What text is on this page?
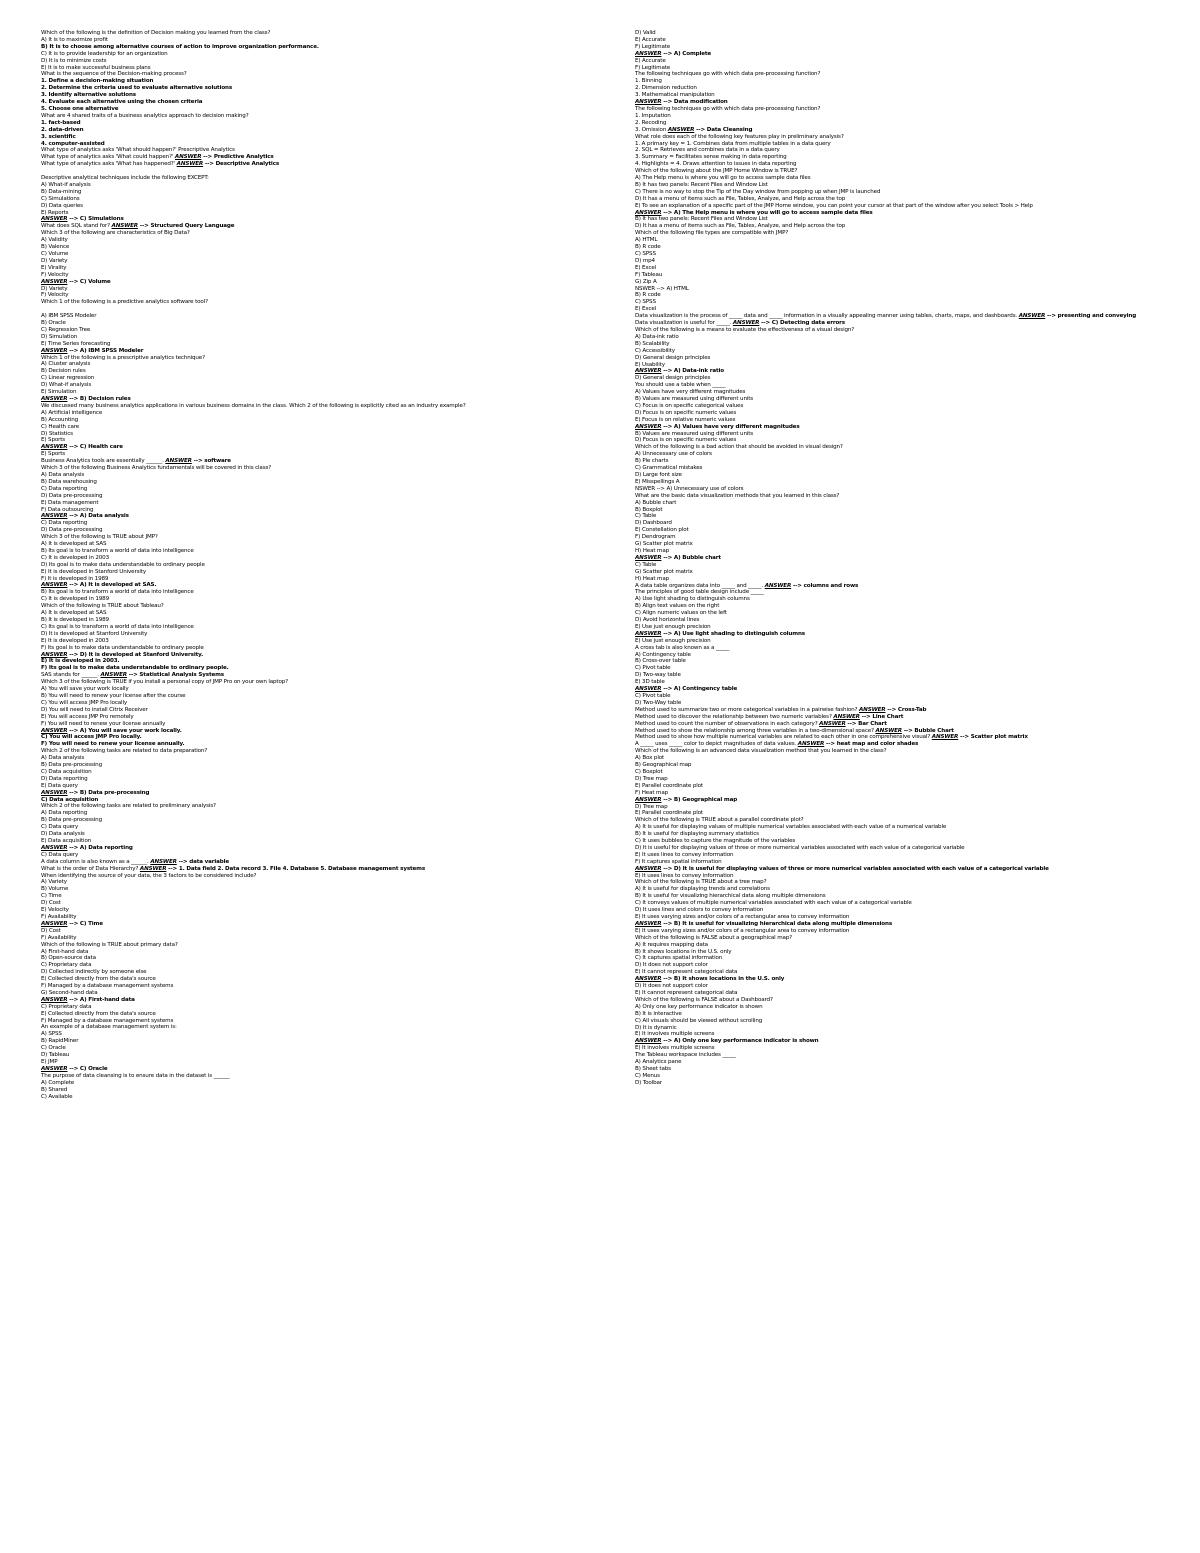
Which of the following is the definition of Decision making you learned from the class?
A) It is to maximize profit
B) It is to choose among alternative courses of action to improve organization performance.
C) It is to provide leadership for an organization
D) It is to minimize costs
E) It is to make successful business plans
What is the sequence of the Decision-making process?
1. Define a decision-making situation
2. Determine the criteria used to evaluate alternative solutions
3. Identify alternative solutions
4. Evaluate each alternative using the chosen criteria
5. Choose one alternative
What are 4 shared traits of a business analytics approach to decision making?
1. fact-based
2. data-driven
3. scientific
4. computer-assisted
What type of analytics asks 'What should happen?' Prescriptive Analytics
What type of analytics asks 'What could happen?' ANSWER --> Predictive Analytics
What type of analytics asks 'What has happened?' ANSWER --> Descriptive Analytics
Descriptive analytical techniques include the following EXCEPT:
A) What-if analysis
B) Data-mining
C) Simulations
D) Data queries
E) Reports
ANSWER --> C) Simulations
What does SQL stand for? ANSWER --> Structured Query Language
Which 3 of the following are characteristics of Big Data?
A) Validity
B) Valence
C) Volume
D) Variety
E) Virality
F) Velocity
ANSWER --> C) Volume
D) Variety
F) Velocity
Which 1 of the following is a predictive analytics software tool?
A) IBM SPSS Modeler
B) Oracle
C) Regression Tree
D) Simulation
E) Time Series forecasting
ANSWER --> A) IBM SPSS Modeler
Which 1 of the following is a prescriptive analytics technique?
A) Cluster analysis
B) Decision rules
C) Linear regression
D) What-if analysis
E) Simulation
ANSWER --> B) Decision rules
We discussed many business analytics applications in various business domains in the class. Which 2 of the following is explicitly cited as an industry example?
A) Artificial intelligence
B) Accounting
C) Health care
D) Statistics
E) Sports
ANSWER --> C) Health care
E) Sports
Business Analytics tools are essentially ______. ANSWER --> software
Which 3 of the following Business Analytics fundamentals will be covered in this class?
A) Data analysis
B) Data warehousing
C) Data reporting
D) Data pre-processing
E) Data management
F) Data outsourcing
ANSWER --> A) Data analysis
C) Data reporting
D) Data pre-processing
Which 3 of the following is TRUE about JMP?
A) It is developed at SAS
B) Its goal is to transform a world of data into intelligence
C) It is developed in 2003
D) Its goal is to make data understandable to ordinary people
E) It is developed in Stanford University
F) It is developed in 1989
ANSWER --> A) It is developed at SAS.
B) Its goal is to transform a world of data into intelligence
C) It is developed in 1989
Which of the following is TRUE about Tableau?
A) It is developed at SAS
B) It is developed in 1989
C) Its goal is to transform a world of data into intelligence
D) It is developed at Stanford University
E) It is developed in 2003
F) Its goal is to make data understandable to ordinary people
ANSWER --> D) It is developed at Stanford University.
E) It is developed in 2003.
F) Its goal is to make data understandable to ordinary people.
SAS stands for ______. ANSWER --> Statistical Analysis Systems
Which 3 of the following is TRUE if you install a personal copy of JMP Pro on your own laptop?
A) You will save your work locally
B) You will need to renew your license after the course
C) You will access JMP Pro locally
D) You will need to install Citrix Receiver
E) You will access JMP Pro remotely
F) You will need to renew your license annually
ANSWER --> A) You will save your work locally.
C) You will access JMP Pro locally.
F) You will need to renew your license annually.
Which 2 of the following tasks are related to data preparation?
A) Data analysis
B) Data pre-processing
C) Data acquisition
D) Data reporting
E) Data query
ANSWER --> B) Data pre-processing
C) Data acquisition
Which 2 of the following tasks are related to preliminary analysis?
A) Data reporting
B) Data pre-processing
C) Data query
D) Data analysis
E) Data acquisition
ANSWER --> A) Data reporting
C) Data query
A data column is also known as a ______. ANSWER --> data variable
What is the order of Data Hierarchy? ANSWER --> 1. Data field 2. Data record 3. File 4. Database 5. Database management systems
When identifying the source of your data, the 3 factors to be considered include?
A) Variety
B) Volume
C) Time
D) Cost
E) Velocity
F) Availability
ANSWER --> C) Time
D) Cost
F) Availability
Which of the following is TRUE about primary data?
A) First-hand data
B) Open-source data
C) Proprietary data
D) Collected indirectly by someone else
E) Collected directly from the data's source
F) Managed by a database management systems
G) Second-hand data
ANSWER --> A) First-hand data
C) Proprietary data
E) Collected directly from the data's source
F) Managed by a database management systems
An example of a database management system is:
A) SPSS
B) RapidMiner
C) Oracle
D) Tableau
E) JMP
ANSWER --> C) Oracle
The purpose of data cleansing is to ensure data in the dataset is ______
A) Complete
B) Shared
C) Available
D) Valid
E) Accurate
F) Legitimate
ANSWER --> A) Complete
E) Accurate
F) Legitimate
The following techniques go with which data pre-processing function?
1. Binning
2. Dimension reduction
3. Mathematical manipulation
ANSWER --> Data modification
The following techniques go with which data pre-processing function?
1. Imputation
2. Recoding
3. Omission ANSWER --> Data Cleansing
What role does each of the following key features play in preliminary analysis?
1. A primary key = 1. Combines data from multiple tables in a data query
2. SQL = Retrieves and combines data in a data query
3. Summary = Facilitates sense making in data reporting
4. Highlights = 4. Draws attention to issues in data reporting
Which of the following about the JMP Home Window is TRUE?
A) The Help menu is where you will go to access sample data files
B) It has two panels: Recent Files and Window List
C) There is no way to stop the Tip of the Day window from popping up when JMP is launched
D) It has a menu of items such as File, Tables, Analyze, and Help across the top
E) To see an explanation of a specific part of the JMP Home window, you can point your cursor at that part of the window after you select Tools > Help
ANSWER --> A) The Help menu is where you will go to access sample data files
B) It has two panels: Recent Files and Window List
D) It has a menu of items such as File, Tables, Analyze, and Help across the top
Which of the following file types are compatible with JMP?
A) HTML
B) R code
C) SPSS
D) mp4
E) Excel
F) Tableau
G) Zip A
NSWER --> A) HTML
B) R code
C) SPSS
E) Excel
Data visualization is the process of _____ data and _____ information in a visually appealing manner using tables, charts, maps, and dashboards. ANSWER --> presenting and conveying
Data visualization is useful for _____. ANSWER --> C) Detecting data errors
Which of the following is a means to evaluate the effectiveness of a visual design?
A) Data-ink ratio
B) Scalability
C) Accessibility
D) General design principles
E) Usability
ANSWER --> A) Data-ink ratio
D) General design principles
You should use a table when _____
A) Values have very different magnitudes
B) Values are measured using different units
C) Focus is on specific categorical values
D) Focus is on specific numeric values
E) Focus is on relative numeric values
ANSWER --> A) Values have very different magnitudes
B) Values are measured using different units
D) Focus is on specific numeric values
Which of the following is a bad action that should be avoided in visual design?
A) Unnecessary use of colors
B) Pie charts
C) Grammatical mistakes
D) Large font size
E) Misspellings A
NSWER --> A) Unnecessary use of colors
What are the basic data visualization methods that you learned in this class?
A) Bubble chart
B) Boxplot
C) Table
D) Dashboard
E) Constellation plot
F) Dendrogram
G) Scatter plot matrix
H) Heat map
ANSWER --> A) Bubble chart
C) Table
G) Scatter plot matrix
H) Heat map
A data table organizes data into _____ and _____. ANSWER --> columns and rows
The principles of good table design include _____
A) Use light shading to distinguish columns
B) Align text values on the right
C) Align numeric values on the left
D) Avoid horizontal lines
E) Use just enough precision
ANSWER --> A) Use light shading to distinguish columns
E) Use just enough precision
A cross tab is also known as a _____
A) Contingency table
B) Cross-over table
C) Pivot table
D) Two-way table
E) 3D table
ANSWER --> A) Contingency table
C) Pivot table
D) Two-Way table
Method used to summarize two or more categorical variables in a pairwise fashion? ANSWER --> Cross-Tab
Method used to discover the relationship between two numeric variables? ANSWER --> Line Chart
Method used to count the number of observations in each category? ANSWER --> Bar Chart
Method used to show the relationship among three variables in a two-dimensional space? ANSWER --> Bubble Chart
Method used to show how multiple numerical variables are related to each other in one comprehensive visual? ANSWER --> Scatter plot matrix
A _____ uses _____ color to depict magnitudes of data values. ANSWER --> heat map and color shades
Which of the following is an advanced data visualization method that you learned in the class?
A) Box plot
B) Geographical map
C) Boxplot
D) Tree map
E) Parallel coordinate plot
F) Heat map
ANSWER --> B) Geographical map
D) Tree map
E) Parallel coordinate plot
Which of the following is TRUE about a parallel coordinate plot?
A) It is useful for displaying values of multiple numerical variables associated with each value of a numerical variable
B) It is useful for displaying summary statistics
C) It uses bubbles to capture the magnitude of the variables
D) It is useful for displaying values of three or more numerical variables associated with each value of a categorical variable
E) It uses lines to convey information
F) It captures spatial information
ANSWER --> D) It is useful for displaying values of three or more numerical variables associated with each value of a categorical variable
E) It uses lines to convey information
Which of the following is TRUE about a tree map?
A) It is useful for displaying trends and correlations
B) It is useful for visualizing hierarchical data along multiple dimensions
C) It conveys values of multiple numerical variables associated with each value of a categorical variable
D) It uses lines and colors to convey information
E) It uses varying sizes and/or colors of a rectangular area to convey information
ANSWER --> B) It is useful for visualizing hierarchical data along multiple dimensions
E) It uses varying sizes and/or colors of a rectangular area to convey information
Which of the following is FALSE about a geographical map?
A) It requires mapping data
B) It shows locations in the U.S. only
C) It captures spatial information
D) It does not support color
E) It cannot represent categorical data
ANSWER --> B) It shows locations in the U.S. only
D) It does not support color
E) It cannot represent categorical data
Which of the following is FALSE about a Dashboard?
A) Only one key performance indicator is shown
B) It is interactive
C) All visuals should be viewed without scrolling
D) It is dynamic
E) It involves multiple screens
ANSWER --> A) Only one key performance indicator is shown
E) It involves multiple screens
The Tableau workspace includes _____
A) Analytics pane
B) Sheet tabs
C) Menus
D) Toolbar
